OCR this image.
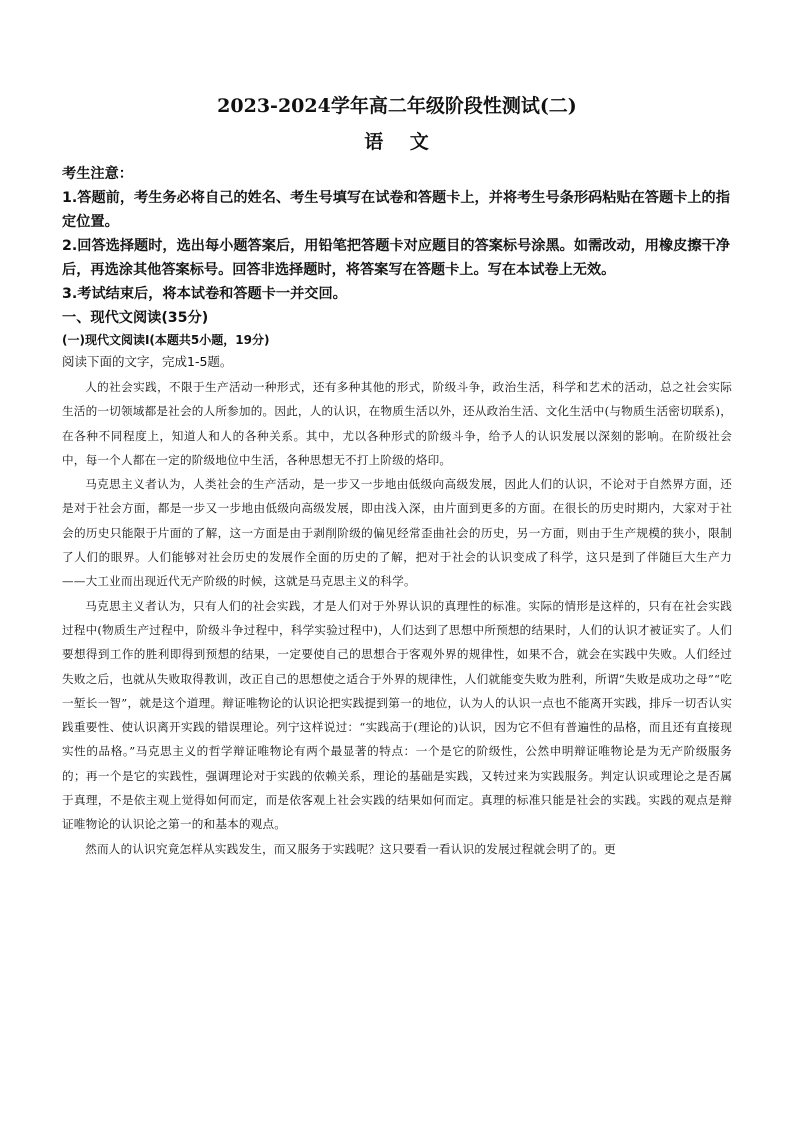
2023-2024学年高二年级阶段性测试(二)
语 文

考生注意：

1.答题前，考生务必将自己的姓名、考生号填写在试卷和答题卡上，并将考生号条形码粘贴在答题卡上的指定位置。

2.回答选择题时，选出每小题答案后，用铅笔把答题卡对应题目的答案标号涂黑。如需改动，用橡皮擦干净后，再选涂其他答案标号。回答非选择题时，将答案写在答题卡上。写在本试卷上无效。

3.考试结束后，将本试卷和答题卡一并交回。

一、现代文阅读(35分)

(一)现代文阅读Ⅰ(本题共5小题，19分)

阅读下面的文字，完成1-5题。

人的社会实践，不限于生产活动一种形式，还有多种其他的形式，阶级斗争，政治生活，科学和艺术的活动，总之社会实际生活的一切领域都是社会的人所参加的。因此，人的认识，在物质生活以外，还从政治生活、文化生活中(与物质生活密切联系)，在各种不同程度上，知道人和人的各种关系。其中，尤以各种形式的阶级斗争，给予人的认识发展以深刻的影响。在阶级社会中，每一个人都在一定的阶级地位中生活，各种思想无不打上阶级的烙印。

马克思主义者认为，人类社会的生产活动，是一步又一步地由低级向高级发展，因此人们的认识，不论对于自然界方面，还是对于社会方面，都是一步又一步地由低级向高级发展，即由浅入深，由片面到更多的方面。在很长的历史时期内，大家对于社会的历史只能限于片面的了解，这一方面是由于剥削阶级的偏见经常歪曲社会的历史，另一方面，则由于生产规模的狭小，限制了人们的眼界。人们能够对社会历史的发展作全面的历史的了解，把对于社会的认识变成了科学，这只是到了伴随巨大生产力——大工业而出现近代无产阶级的时候，这就是马克思主义的科学。

马克思主义者认为，只有人们的社会实践，才是人们对于外界认识的真理性的标准。实际的情形是这样的，只有在社会实践过程中(物质生产过程中，阶级斗争过程中，科学实验过程中)，人们达到了思想中所预想的结果时，人们的认识才被证实了。人们要想得到工作的胜利即得到预想的结果，一定要使自己的思想合于客观外界的规律性，如果不合，就会在实践中失败。人们经过失败之后，也就从失败取得教训，改正自己的思想使之适合于外界的规律性，人们就能变失败为胜利，所谓“失败是成功之母”“吃一堑长一智”，就是这个道理。辩证唯物论的认识论把实践提到第一的地位，认为人的认识一点也不能离开实践，排斥一切否认实践重要性、使认识离开实践的错误理论。列宁这样说过：“实践高于(理论的)认识，因为它不但有普遍性的品格，而且还有直接现实性的品格。”马克思主义的哲学辩证唯物论有两个最显著的特点：一个是它的阶级性，公然申明辩证唯物论是为无产阶级服务的；再一个是它的实践性，强调理论对于实践的依赖关系，理论的基础是实践，又转过来为实践服务。判定认识或理论之是否属于真理，不是依主观上觉得如何而定，而是依客观上社会实践的结果如何而定。真理的标准只能是社会的实践。实践的观点是辩证唯物论的认识论之第一的和基本的观点。

然而人的认识究竟怎样从实践发生，而又服务于实践呢？这只要看一看认识的发展过程就会明了的。更
